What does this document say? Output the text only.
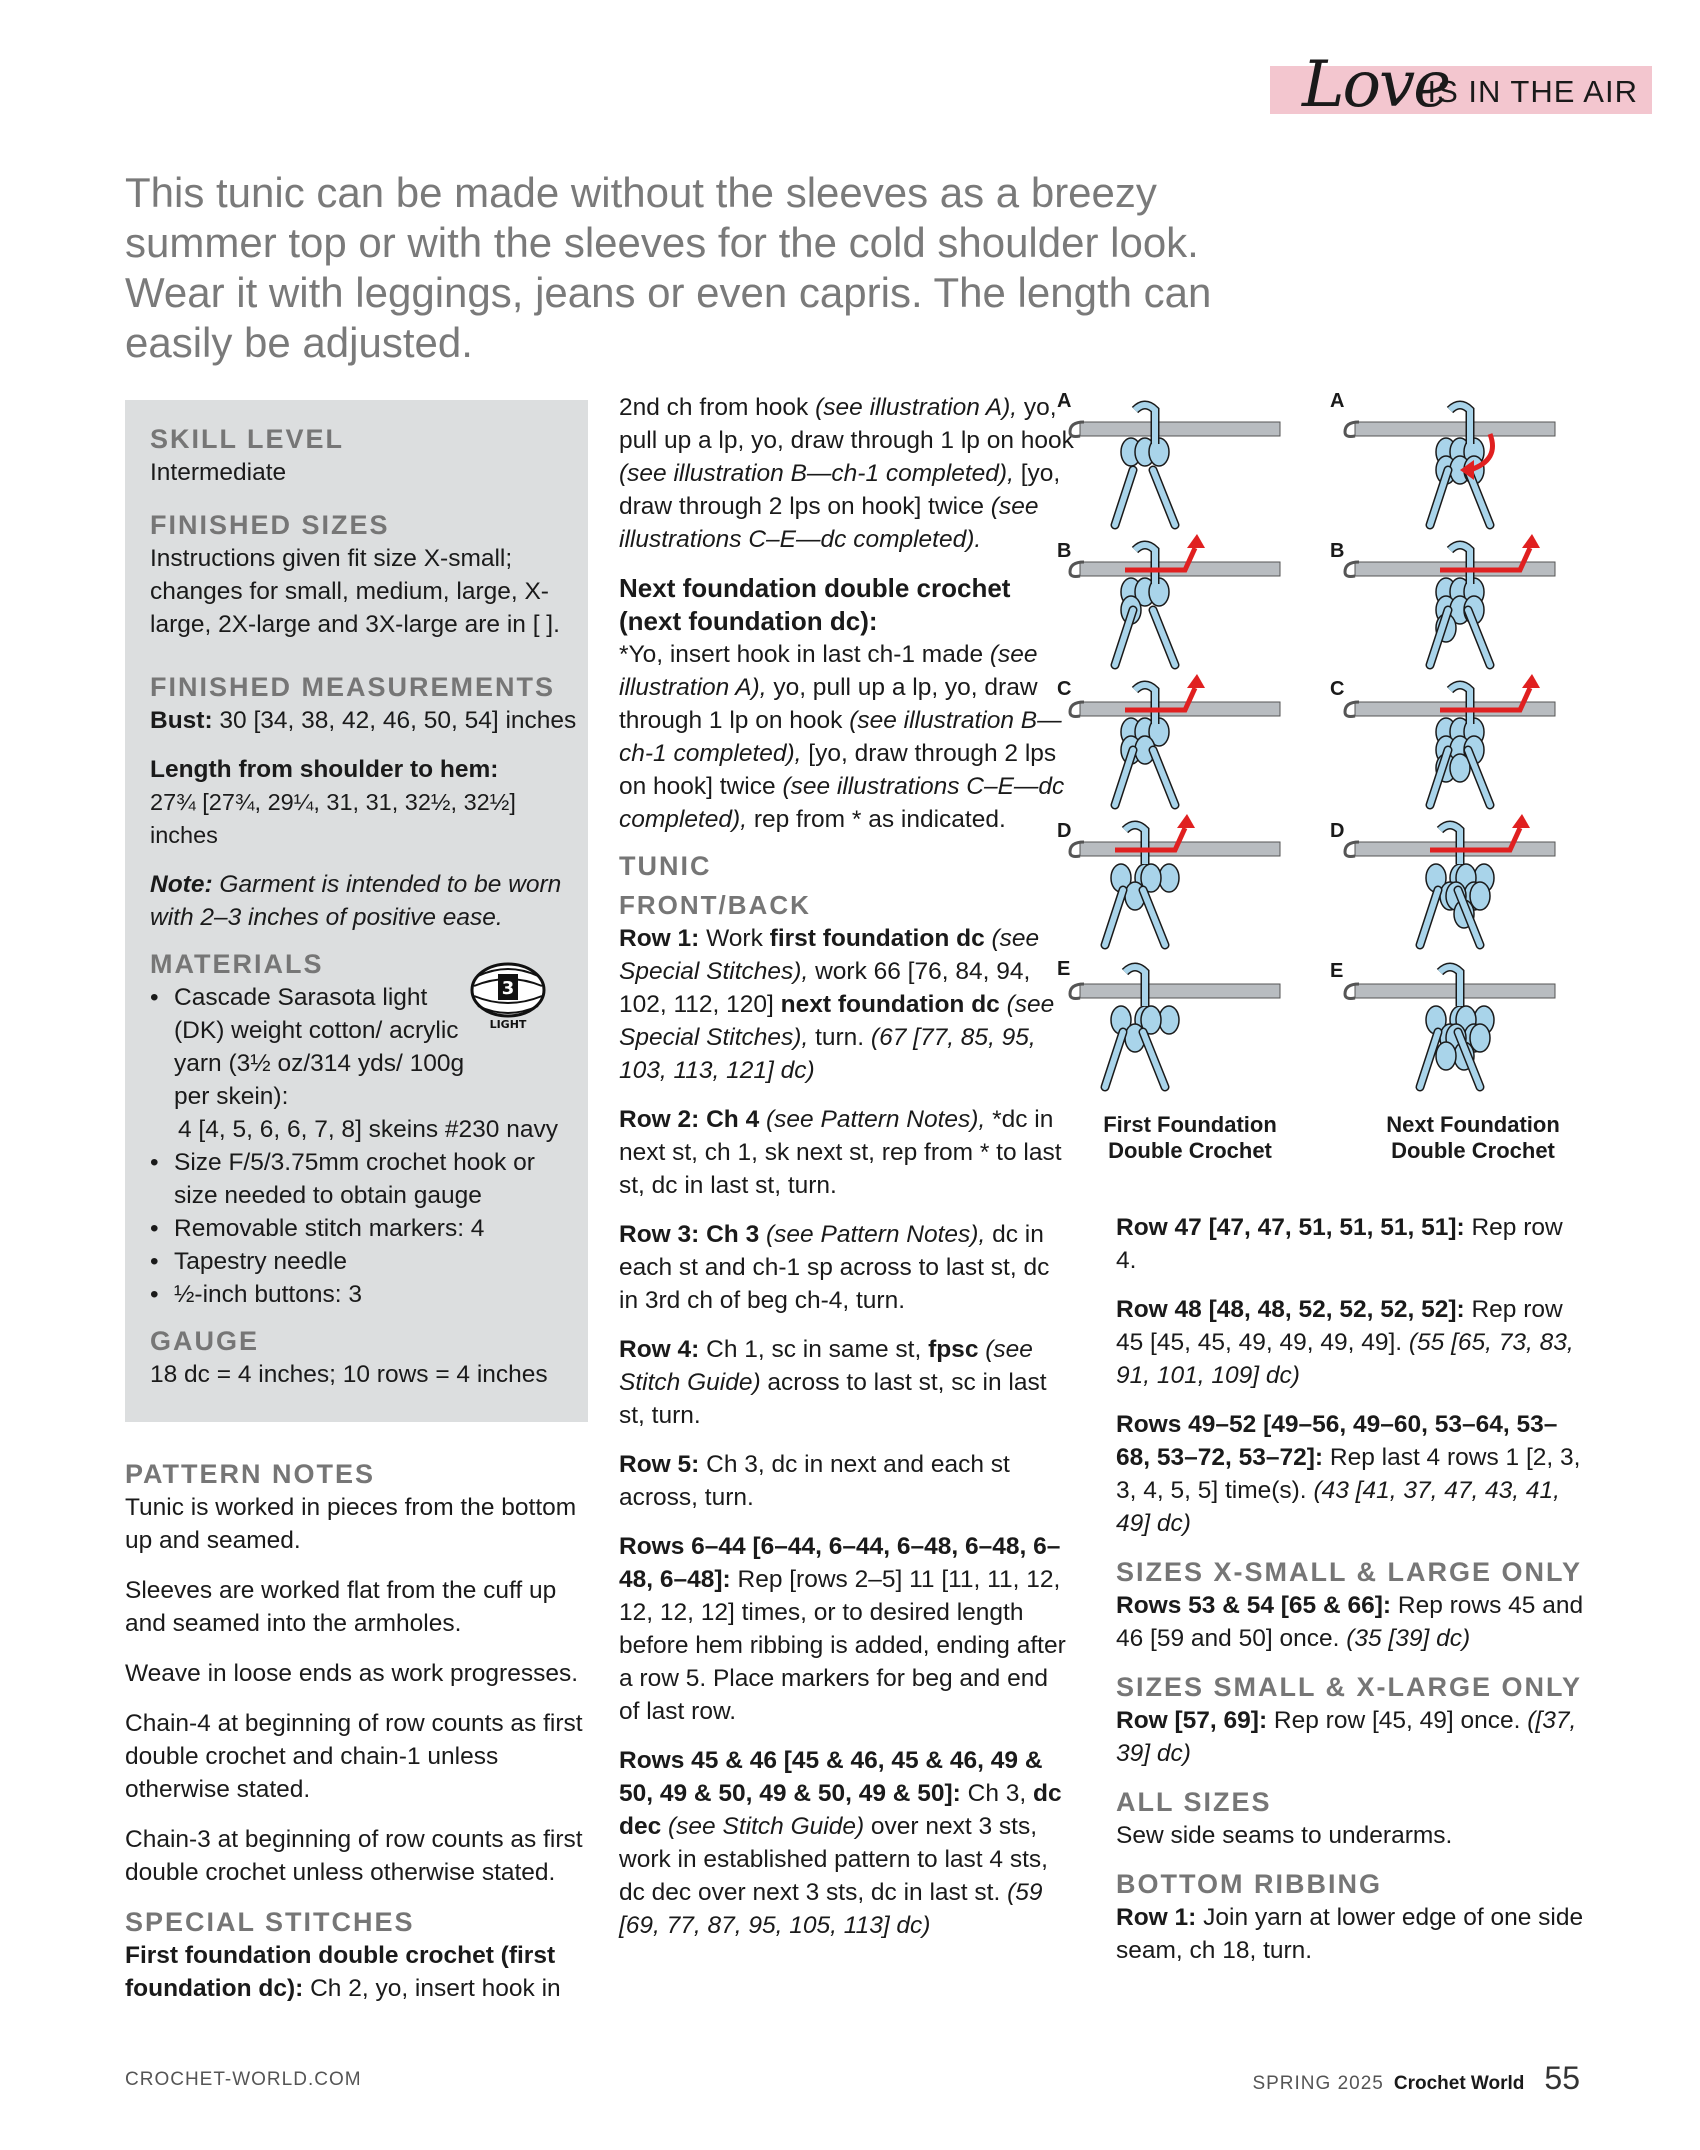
Love
IS IN THE AIR
This tunic can be made without the sleeves as a breezy summer top or with the sleeves for the cold shoulder look. Wear it with leggings, jeans or even capris. The length can easily be adjusted.

SKILL LEVEL

Intermediate

FINISHED SIZES

Instructions given fit size X-small; changes for small, medium, large, X-large, 2X-large and 3X-large are in [ ].

FINISHED MEASUREMENTS

Bust: 30 [34, 38, 42, 46, 50, 54] inches

Length from shoulder to hem:

27¾ [27¾, 29¼, 31, 31, 32½, 32½] inches

Note: Garment is intended to be worn with 2–3 inches of positive ease.

MATERIALS

• Cascade Sarasota light (DK) weight cotton/ acrylic yarn (3½ oz/314 yds/ 100g per skein):
4 [4, 5, 6, 6, 7, 8] skeins #230 navy
• Size F/5/3.75mm crochet hook or size needed to obtain gauge
• Removable stitch markers: 4
• Tapestry needle
• ½-inch buttons: 3

GAUGE

18 dc = 4 inches; 10 rows = 4 inches

3
LIGHT

PATTERN NOTES

Tunic is worked in pieces from the bottom up and seamed.

Sleeves are worked flat from the cuff up and seamed into the armholes.

Weave in loose ends as work progresses.

Chain-4 at beginning of row counts as first double crochet and chain-1 unless otherwise stated.

Chain-3 at beginning of row counts as first double crochet unless otherwise stated.

SPECIAL STITCHES

First foundation double crochet (first foundation dc): Ch 2, yo, insert hook in

2nd ch from hook (see illustration A), yo, pull up a lp, yo, draw through 1 lp on hook (see illustration B—ch-1 completed), [yo, draw through 2 lps on hook] twice (see illustrations C–E—dc completed).

Next foundation double crochet (next foundation dc):

*Yo, insert hook in last ch-1 made (see illustration A), yo, pull up a lp, yo, draw through 1 lp on hook (see illustration B—ch-1 completed), [yo, draw through 2 lps on hook] twice (see illustrations C–E—dc completed), rep from * as indicated.

TUNIC

FRONT/BACK

Row 1: Work first foundation dc (see Special Stitches), work 66 [76, 84, 94, 102, 112, 120] next foundation dc (see Special Stitches), turn. (67 [77, 85, 95, 103, 113, 121] dc)

Row 2: Ch 4 (see Pattern Notes), *dc in next st, ch 1, sk next st, rep from * to last st, dc in last st, turn.

Row 3: Ch 3 (see Pattern Notes), dc in each st and ch-1 sp across to last st, dc in 3rd ch of beg ch-4, turn.

Row 4: Ch 1, sc in same st, fpsc (see Stitch Guide) across to last st, sc in last st, turn.

Row 5: Ch 3, dc in next and each st across, turn.

Rows 6–44 [6–44, 6–44, 6–48, 6–48, 6–48, 6–48]: Rep [rows 2–5] 11 [11, 11, 12, 12, 12, 12] times, or to desired length before hem ribbing is added, ending after a row 5. Place markers for beg and end of last row.

Rows 45 & 46 [45 & 46, 45 & 46, 49 & 50, 49 & 50, 49 & 50, 49 & 50]: Ch 3, dc dec (see Stitch Guide) over next 3 sts, work in established pattern to last 4 sts, dc dec over next 3 sts, dc in last st. (59 [69, 77, 87, 95, 105, 113] dc)

A
B
C
D
E
A
B
C
D
E
First Foundation
Double Crochet
Next Foundation
Double Crochet

Row 47 [47, 47, 51, 51, 51, 51]: Rep row 4.

Row 48 [48, 48, 52, 52, 52, 52]: Rep row 45 [45, 45, 49, 49, 49, 49]. (55 [65, 73, 83, 91, 101, 109] dc)

Rows 49–52 [49–56, 49–60, 53–64, 53–68, 53–72, 53–72]: Rep last 4 rows 1 [2, 3, 3, 4, 5, 5] time(s). (43 [41, 37, 47, 43, 41, 49] dc)

SIZES X-SMALL & LARGE ONLY

Rows 53 & 54 [65 & 66]: Rep rows 45 and 46 [59 and 50] once. (35 [39] dc)

SIZES SMALL & X-LARGE ONLY

Row [57, 69]: Rep row [45, 49] once. ([37, 39] dc)

ALL SIZES

Sew side seams to underarms.

BOTTOM RIBBING

Row 1: Join yarn at lower edge of one side seam, ch 18, turn.

CROCHET-WORLD.COM	SPRING 2025 Crochet World 55
